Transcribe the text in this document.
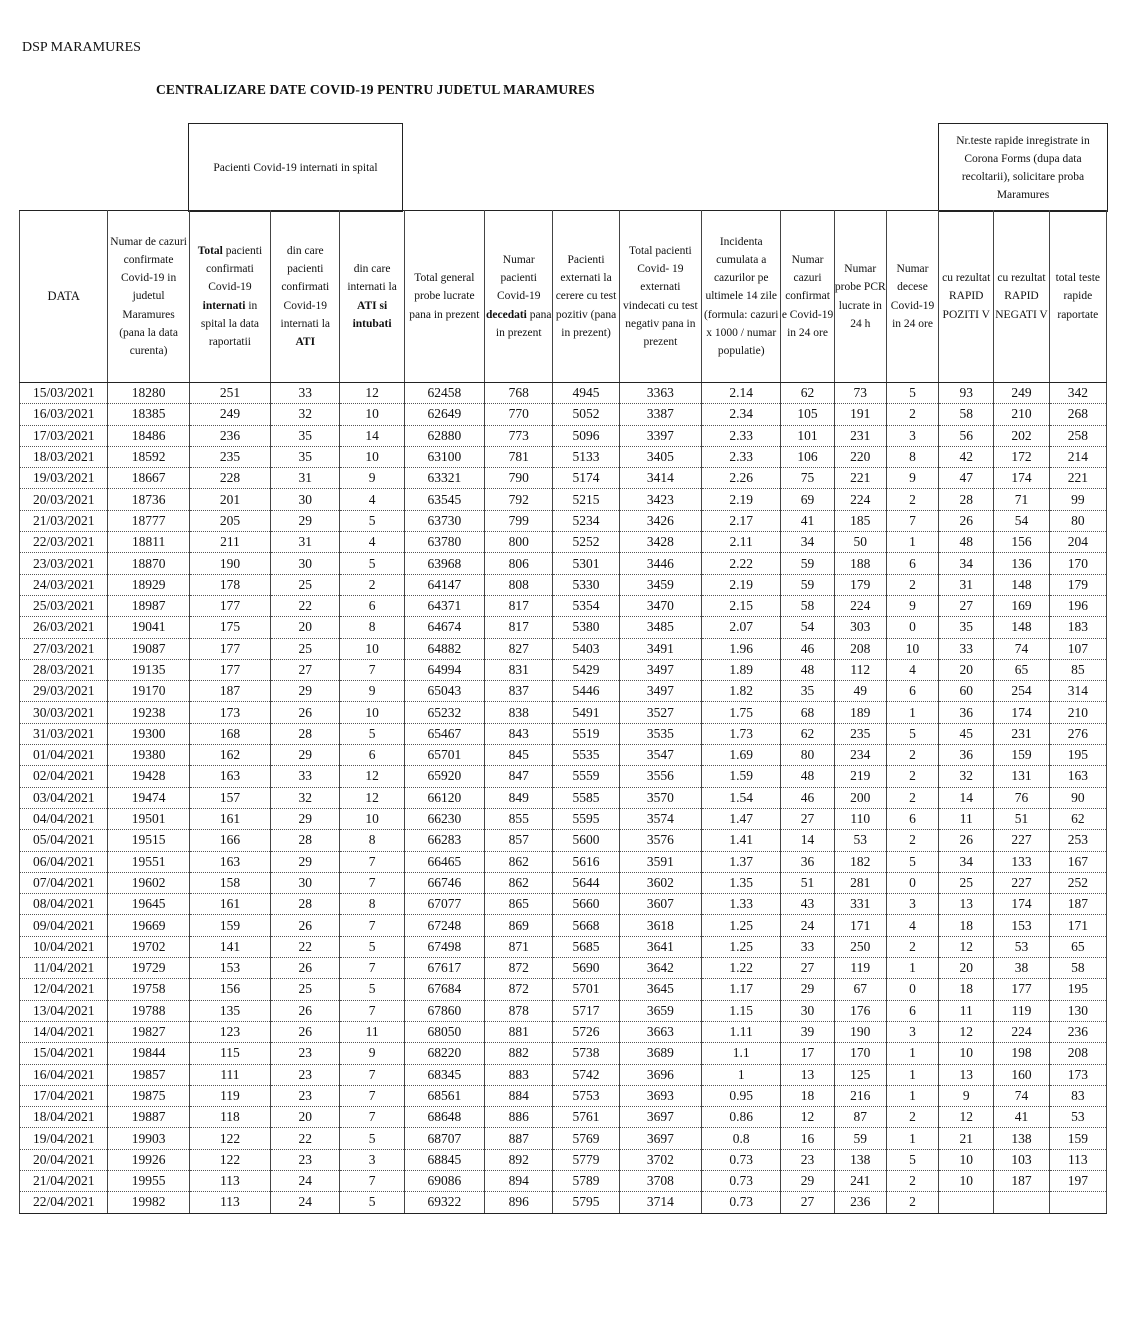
DSP MARAMURES
CENTRALIZARE DATE COVID-19 PENTRU JUDETUL MARAMURES
Pacienti Covid-19 internati in spital
Nr.teste rapide inregistrate in Corona Forms (dupa data recoltarii), solicitare proba Maramures
DATA	Numar de cazuri confirmate Covid-19 in judetul Maramures (pana la data curenta)	Total pacienti confirmati Covid-19 internati in spital la data raportatii	din care pacienti confirmati Covid-19 internati la ATI	din care internati la ATI si intubati	Total general probe lucrate pana in prezent	Numar pacienti Covid-19 decedati pana in prezent	Pacienti externati la cerere cu test pozitiv (pana in prezent)	Total pacienti Covid- 19 externati vindecati cu test negativ pana in prezent	Incidenta cumulata a cazurilor pe ultimele 14 zile (formula: cazuri x 1000 / numar populatie)	Numar cazuri confirmat e Covid-19 in 24 ore	Numar probe PCR lucrate in 24 h	Numar decese Covid-19 in 24 ore	cu rezultat RAPID POZITI V	cu rezultat RAPID NEGATI V	total teste rapide raportate
15/03/2021	18280	251	33	12	62458	768	4945	3363	2.14	62	73	5	93	249	342
16/03/2021	18385	249	32	10	62649	770	5052	3387	2.34	105	191	2	58	210	268
17/03/2021	18486	236	35	14	62880	773	5096	3397	2.33	101	231	3	56	202	258
18/03/2021	18592	235	35	10	63100	781	5133	3405	2.33	106	220	8	42	172	214
19/03/2021	18667	228	31	9	63321	790	5174	3414	2.26	75	221	9	47	174	221
20/03/2021	18736	201	30	4	63545	792	5215	3423	2.19	69	224	2	28	71	99
21/03/2021	18777	205	29	5	63730	799	5234	3426	2.17	41	185	7	26	54	80
22/03/2021	18811	211	31	4	63780	800	5252	3428	2.11	34	50	1	48	156	204
23/03/2021	18870	190	30	5	63968	806	5301	3446	2.22	59	188	6	34	136	170
24/03/2021	18929	178	25	2	64147	808	5330	3459	2.19	59	179	2	31	148	179
25/03/2021	18987	177	22	6	64371	817	5354	3470	2.15	58	224	9	27	169	196
26/03/2021	19041	175	20	8	64674	817	5380	3485	2.07	54	303	0	35	148	183
27/03/2021	19087	177	25	10	64882	827	5403	3491	1.96	46	208	10	33	74	107
28/03/2021	19135	177	27	7	64994	831	5429	3497	1.89	48	112	4	20	65	85
29/03/2021	19170	187	29	9	65043	837	5446	3497	1.82	35	49	6	60	254	314
30/03/2021	19238	173	26	10	65232	838	5491	3527	1.75	68	189	1	36	174	210
31/03/2021	19300	168	28	5	65467	843	5519	3535	1.73	62	235	5	45	231	276
01/04/2021	19380	162	29	6	65701	845	5535	3547	1.69	80	234	2	36	159	195
02/04/2021	19428	163	33	12	65920	847	5559	3556	1.59	48	219	2	32	131	163
03/04/2021	19474	157	32	12	66120	849	5585	3570	1.54	46	200	2	14	76	90
04/04/2021	19501	161	29	10	66230	855	5595	3574	1.47	27	110	6	11	51	62
05/04/2021	19515	166	28	8	66283	857	5600	3576	1.41	14	53	2	26	227	253
06/04/2021	19551	163	29	7	66465	862	5616	3591	1.37	36	182	5	34	133	167
07/04/2021	19602	158	30	7	66746	862	5644	3602	1.35	51	281	0	25	227	252
08/04/2021	19645	161	28	8	67077	865	5660	3607	1.33	43	331	3	13	174	187
09/04/2021	19669	159	26	7	67248	869	5668	3618	1.25	24	171	4	18	153	171
10/04/2021	19702	141	22	5	67498	871	5685	3641	1.25	33	250	2	12	53	65
11/04/2021	19729	153	26	7	67617	872	5690	3642	1.22	27	119	1	20	38	58
12/04/2021	19758	156	25	5	67684	872	5701	3645	1.17	29	67	0	18	177	195
13/04/2021	19788	135	26	7	67860	878	5717	3659	1.15	30	176	6	11	119	130
14/04/2021	19827	123	26	11	68050	881	5726	3663	1.11	39	190	3	12	224	236
15/04/2021	19844	115	23	9	68220	882	5738	3689	1.1	17	170	1	10	198	208
16/04/2021	19857	111	23	7	68345	883	5742	3696	1	13	125	1	13	160	173
17/04/2021	19875	119	23	7	68561	884	5753	3693	0.95	18	216	1	9	74	83
18/04/2021	19887	118	20	7	68648	886	5761	3697	0.86	12	87	2	12	41	53
19/04/2021	19903	122	22	5	68707	887	5769	3697	0.8	16	59	1	21	138	159
20/04/2021	19926	122	23	3	68845	892	5779	3702	0.73	23	138	5	10	103	113
21/04/2021	19955	113	24	7	69086	894	5789	3708	0.73	29	241	2	10	187	197
22/04/2021	19982	113	24	5	69322	896	5795	3714	0.73	27	236	2			
